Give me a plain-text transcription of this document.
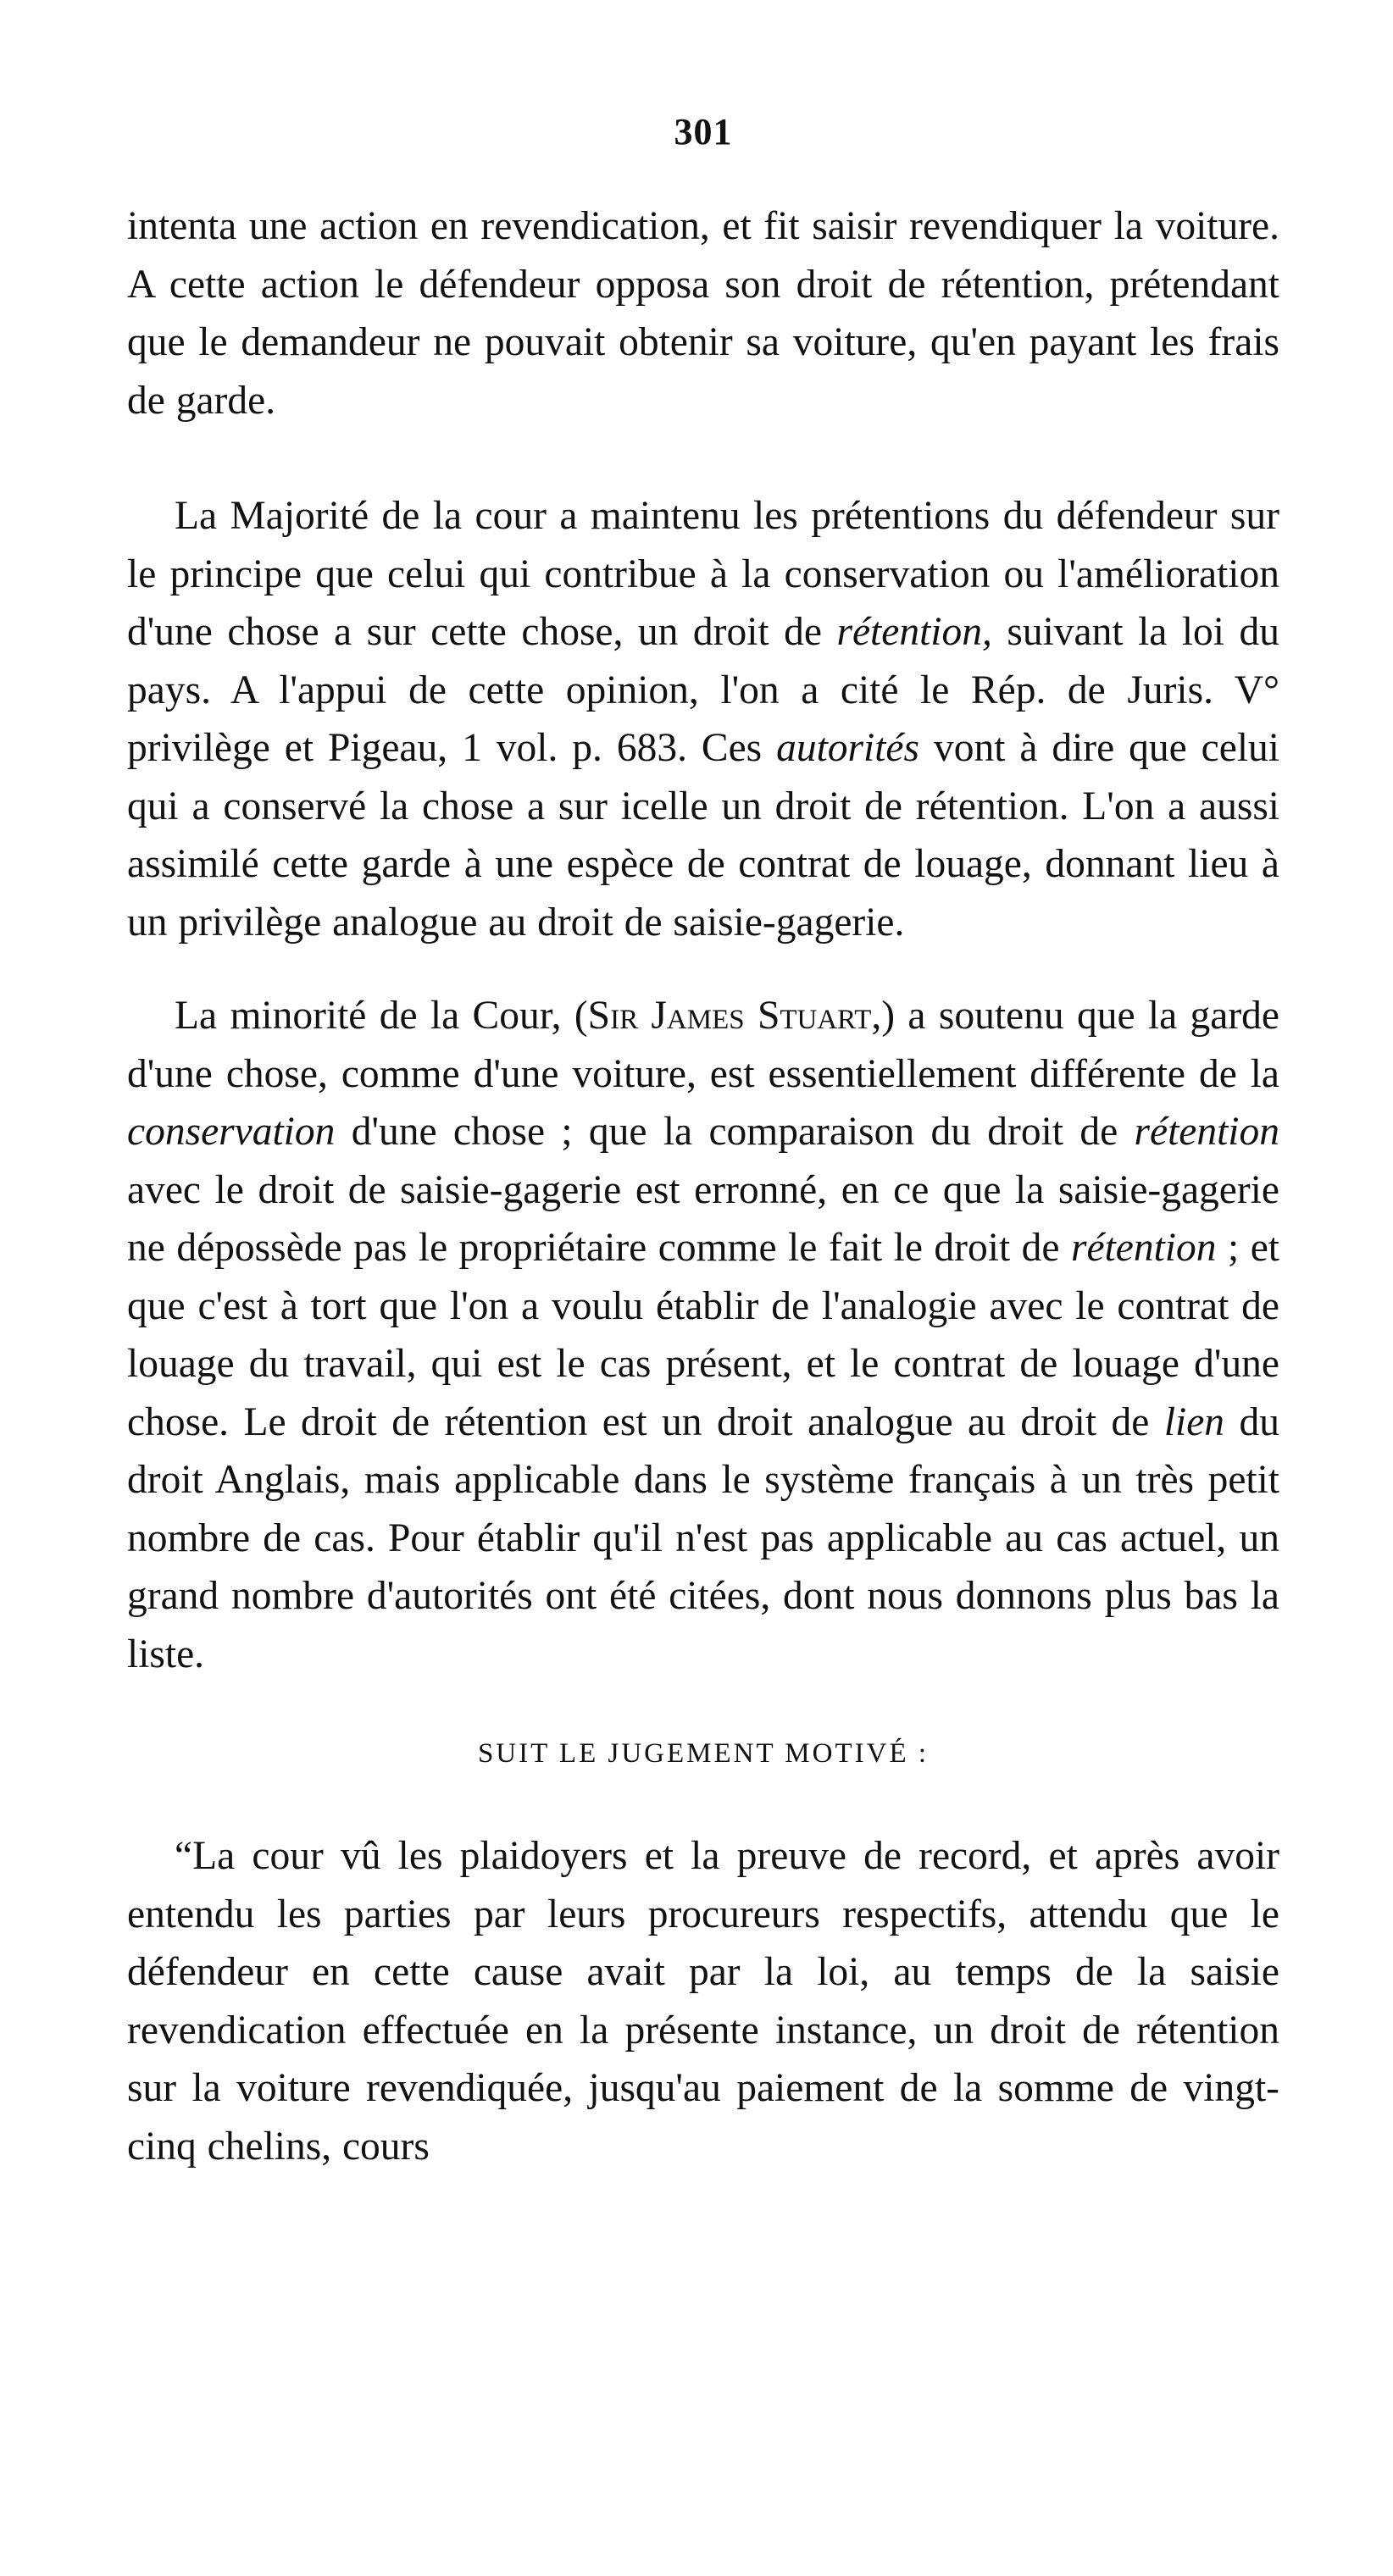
301

intenta une action en revendication, et fit saisir revendiquer la voiture. A cette action le défendeur opposa son droit de rétention, prétendant que le demandeur ne pouvait obtenir sa voiture, qu'en payant les frais de garde.

La Majorité de la cour a maintenu les prétentions du défendeur sur le principe que celui qui contribue à la conservation ou l'amélioration d'une chose a sur cette chose, un droit de rétention, suivant la loi du pays. A l'appui de cette opinion, l'on a cité le Rép. de Juris. V° privilège et Pigeau, 1 vol. p. 683. Ces autorités vont à dire que celui qui a conservé la chose a sur icelle un droit de rétention. L'on a aussi assimilé cette garde à une espèce de contrat de louage, donnant lieu à un privilège analogue au droit de saisie-gagerie.

La minorité de la Cour, (Sir James Stuart,) a soutenu que la garde d'une chose, comme d'une voiture, est essentiellement différente de la conservation d'une chose ; que la comparaison du droit de rétention avec le droit de saisie-gagerie est erronné, en ce que la saisie-gagerie ne dépossède pas le propriétaire comme le fait le droit de rétention ; et que c'est à tort que l'on a voulu établir de l'analogie avec le contrat de louage du travail, qui est le cas présent, et le contrat de louage d'une chose. Le droit de rétention est un droit analogue au droit de lien du droit Anglais, mais applicable dans le système français à un très petit nombre de cas. Pour établir qu'il n'est pas applicable au cas actuel, un grand nombre d'autorités ont été citées, dont nous donnons plus bas la liste.

SUIT LE JUGEMENT MOTIVÉ :

“La cour vû les plaidoyers et la preuve de record, et après avoir entendu les parties par leurs procureurs respectifs, attendu que le défendeur en cette cause avait par la loi, au temps de la saisie revendication effectuée en la présente instance, un droit de rétention sur la voiture revendiquée, jusqu'au paiement de la somme de vingt-cinq chelins, cours
